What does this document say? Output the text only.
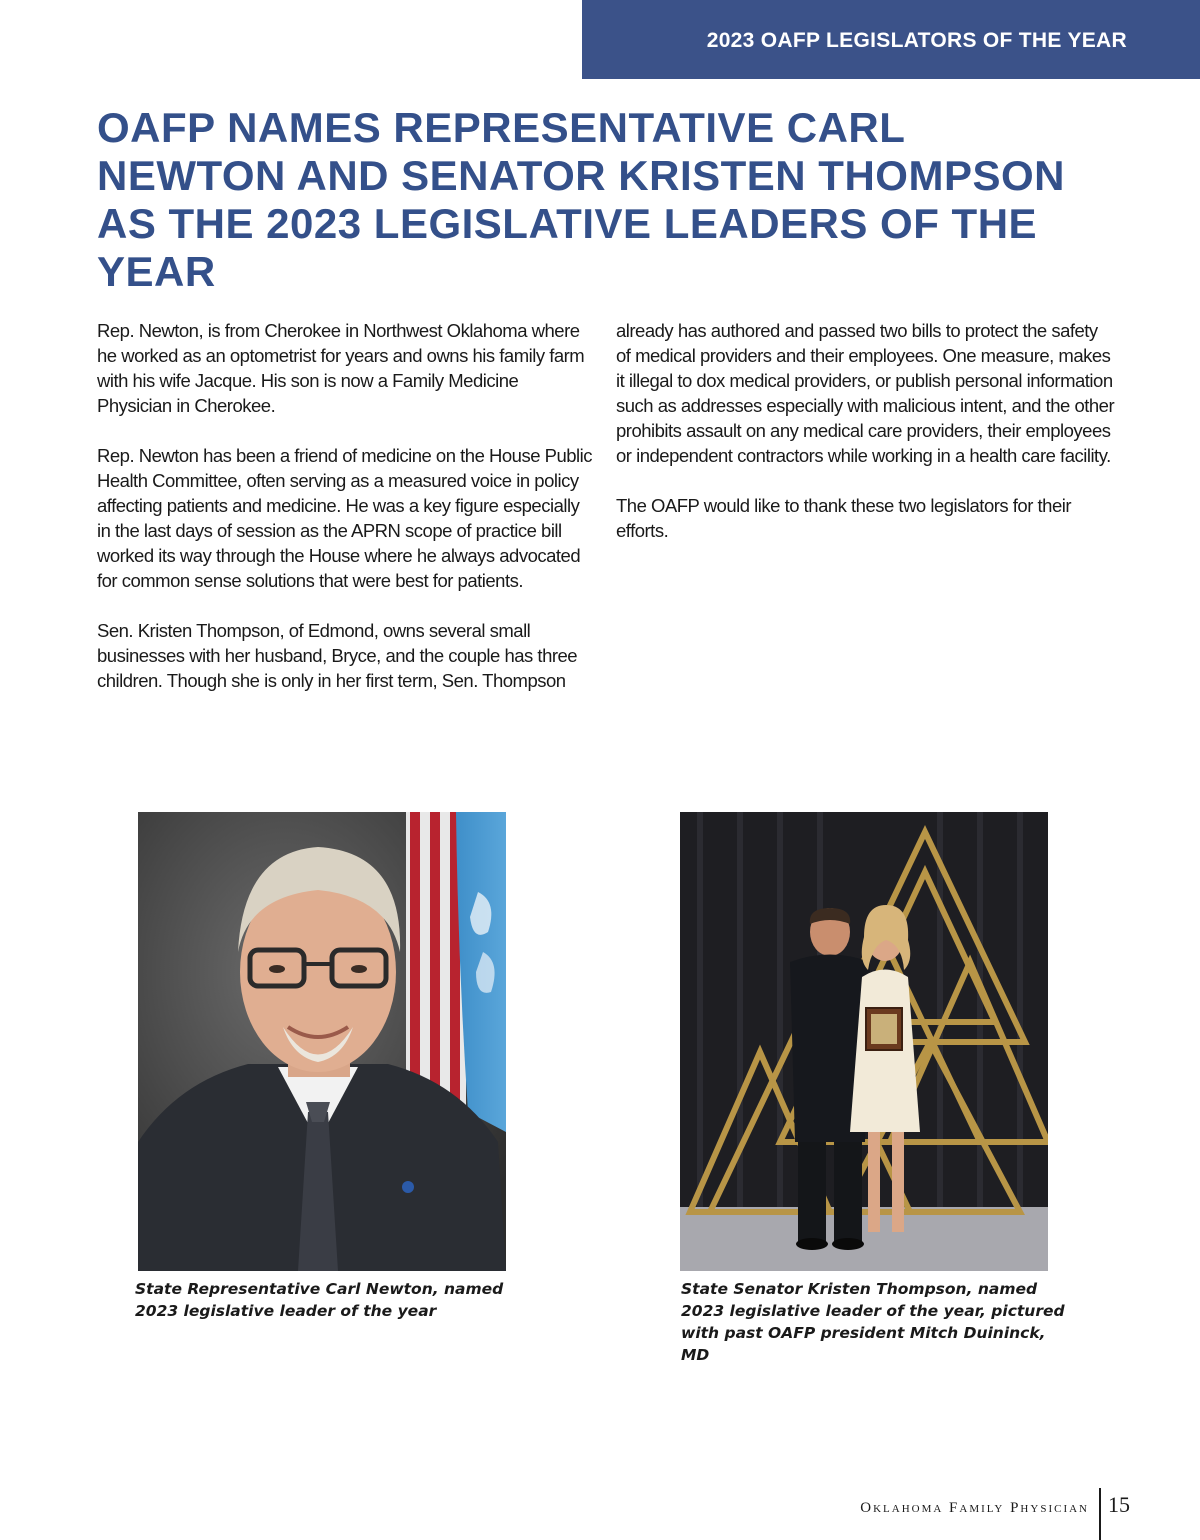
2023 OAFP LEGISLATORS OF THE YEAR
OAFP NAMES REPRESENTATIVE CARL NEWTON AND SENATOR KRISTEN THOMPSON AS THE 2023 LEGISLATIVE LEADERS OF THE YEAR

Rep. Newton, is from Cherokee in Northwest Oklahoma where he worked as an optometrist for years and owns his family farm with his wife Jacque. His son is now a Family Medicine Physician in Cherokee.

Rep. Newton has been a friend of medicine on the House Public Health Committee, often serving as a measured voice in policy affecting patients and medicine. He was a key figure especially in the last days of session as the APRN scope of practice bill worked its way through the House where he always advocated for common sense solutions that were best for patients.

Sen. Kristen Thompson, of Edmond, owns several small businesses with her husband, Bryce, and the couple has three children. Though she is only in her first term, Sen. Thompson

already has authored and passed two bills to protect the safety of medical providers and their employees. One measure, makes it illegal to dox medical providers, or publish personal information such as addresses especially with malicious intent, and the other prohibits assault on any medical care providers, their employees or independent contractors while working in a health care facility.

The OAFP would like to thank these two legislators for their efforts.

State Representative Carl Newton, named 2023 legislative leader of the year
State Senator Kristen Thompson, named 2023 legislative leader of the year, pictured with past OAFP president Mitch Duininck, MD
Oklahoma Family Physician 15
